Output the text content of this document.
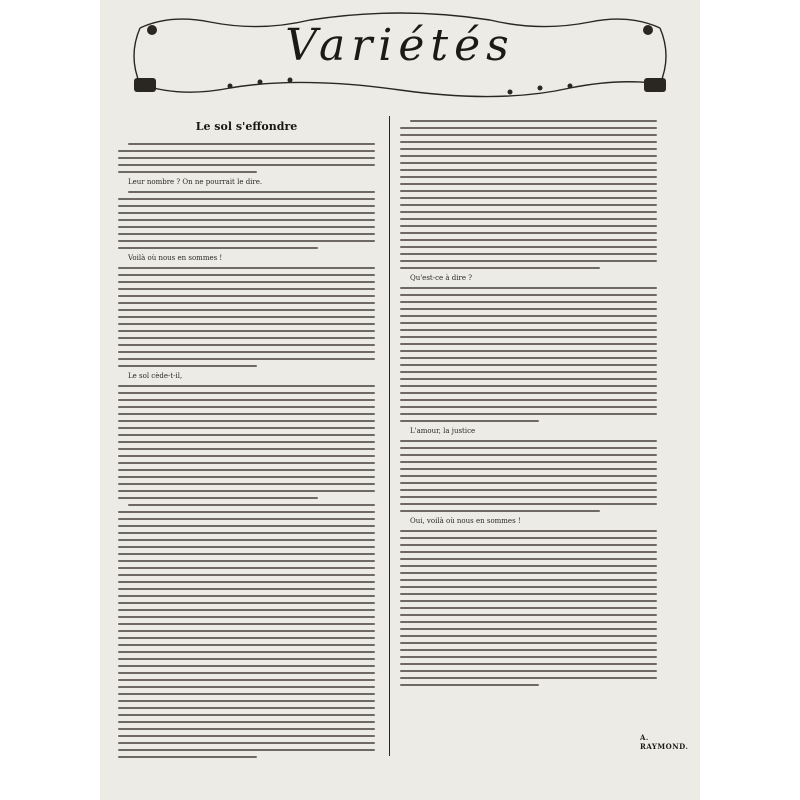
Variétés
Le sol s'effondre
Leur nombre ? On ne pourrait le dire.
Voilà où nous en sommes !
Le sol cède-t-il,
Qu'est-ce à dire ?
L'amour, la justice
Oui, voilà où nous en sommes !
A. RAYMOND.
